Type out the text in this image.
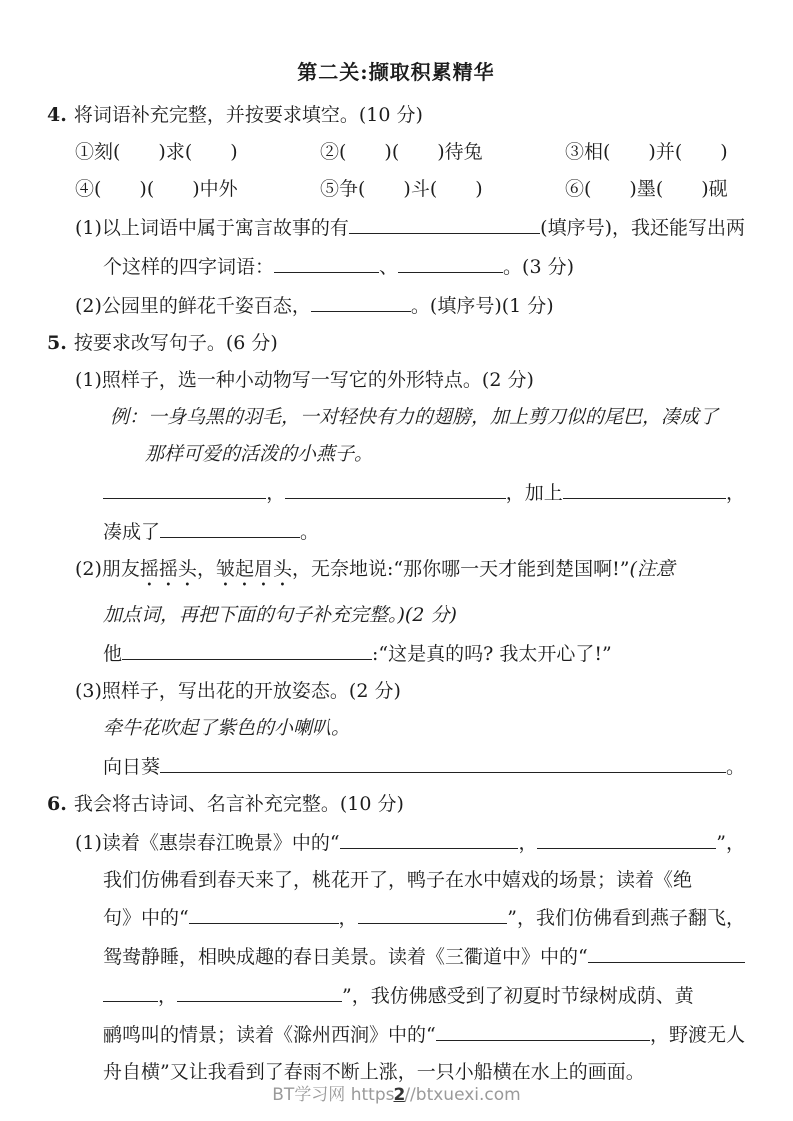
第二关:撷取积累精华
4. 将词语补充完整，并按要求填空。(10 分)
①刻(　　)求(　　)	②(　　)(　　)待兔	③相(　　)并(　　)
④(　　)(　　)中外	⑤争(　　)斗(　　)	⑥(　　)墨(　　)砚
(1)以上词语中属于寓言故事的有	(填序号)，我还能写出两
个这样的四字词语：	、	。(3 分)
(2)公园里的鲜花千姿百态，	。(填序号)(1 分)
5. 按要求改写句子。(6 分)
(1)照样子，选一种小动物写一写它的外形特点。(2 分)
例：一身乌黑的羽毛，一对轻快有力的翅膀，加上剪刀似的尾巴，凑成了
那样可爱的活泼的小燕子。
，	，加上	，
凑成了	。
(2)朋友 摇摇头 ， 皱起眉头 ，无奈地说:“那你哪一天才能到楚国啊!” (注意
加点词，再把下面的句子补充完整。)(2 分)
他	:“这是真的吗? 我太开心了!”
(3)照样子，写出花的开放姿态。(2 分)
牵牛花吹起了紫色的小喇叭。
向日葵	。
6. 我会将古诗词、名言补充完整。(10 分)
(1)读着《惠崇春江晚景》中的“	，	”，
我们仿佛看到春天来了，桃花开了，鸭子在水中嬉戏的场景；读着《绝
句》中的“	，	”，我们仿佛看到燕子翻飞，
鸳鸯静睡，相映成趣的春日美景。读着《三衢道中》中的“
，	”，我仿佛感受到了初夏时节绿树成荫、黄
鹂鸣叫的情景；读着《滁州西涧》中的“	，野渡无人
舟自横”又让我看到了春雨不断上涨，一只小船横在水上的画面。
BT学习网 https2//btxuexi.com
